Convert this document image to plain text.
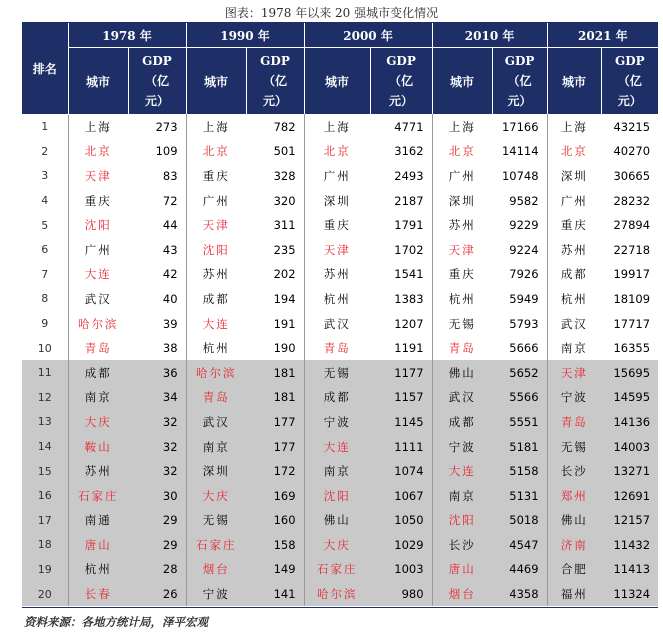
图表：1978 年以来 20 强城市变化情况
排名	1978 年		1990 年		2000 年		2010 年		2021 年	
	城市	GDP
（亿
元）	城市	GDP
（亿
元）	城市	GDP
（亿
元）	城市	GDP
（亿
元）	城市	GDP
（亿
元）

1	上海	273	上海	782	上海	4771	上海	17166	上海	43215
2	北京	109	北京	501	北京	3162	北京	14114	北京	40270
3	天津	83	重庆	328	广州	2493	广州	10748	深圳	30665
4	重庆	72	广州	320	深圳	2187	深圳	9582	广州	28232
5	沈阳	44	天津	311	重庆	1791	苏州	9229	重庆	27894
6	广州	43	沈阳	235	天津	1702	天津	9224	苏州	22718
7	大连	42	苏州	202	苏州	1541	重庆	7926	成都	19917
8	武汉	40	成都	194	杭州	1383	杭州	5949	杭州	18109
9	哈尔滨	39	大连	191	武汉	1207	无锡	5793	武汉	17717
10	青岛	38	杭州	190	青岛	1191	青岛	5666	南京	16355
11	成都	36	哈尔滨	181	无锡	1177	佛山	5652	天津	15695
12	南京	34	青岛	181	成都	1157	武汉	5566	宁波	14595
13	大庆	32	武汉	177	宁波	1145	成都	5551	青岛	14136
14	鞍山	32	南京	177	大连	1111	宁波	5181	无锡	14003
15	苏州	32	深圳	172	南京	1074	大连	5158	长沙	13271
16	石家庄	30	大庆	169	沈阳	1067	南京	5131	郑州	12691
17	南通	29	无锡	160	佛山	1050	沈阳	5018	佛山	12157
18	唐山	29	石家庄	158	大庆	1029	长沙	4547	济南	11432
19	杭州	28	烟台	149	石家庄	1003	唐山	4469	合肥	11413
20	长春	26	宁波	141	哈尔滨	980	烟台	4358	福州	11324
资料来源：各地方统计局，泽平宏观
